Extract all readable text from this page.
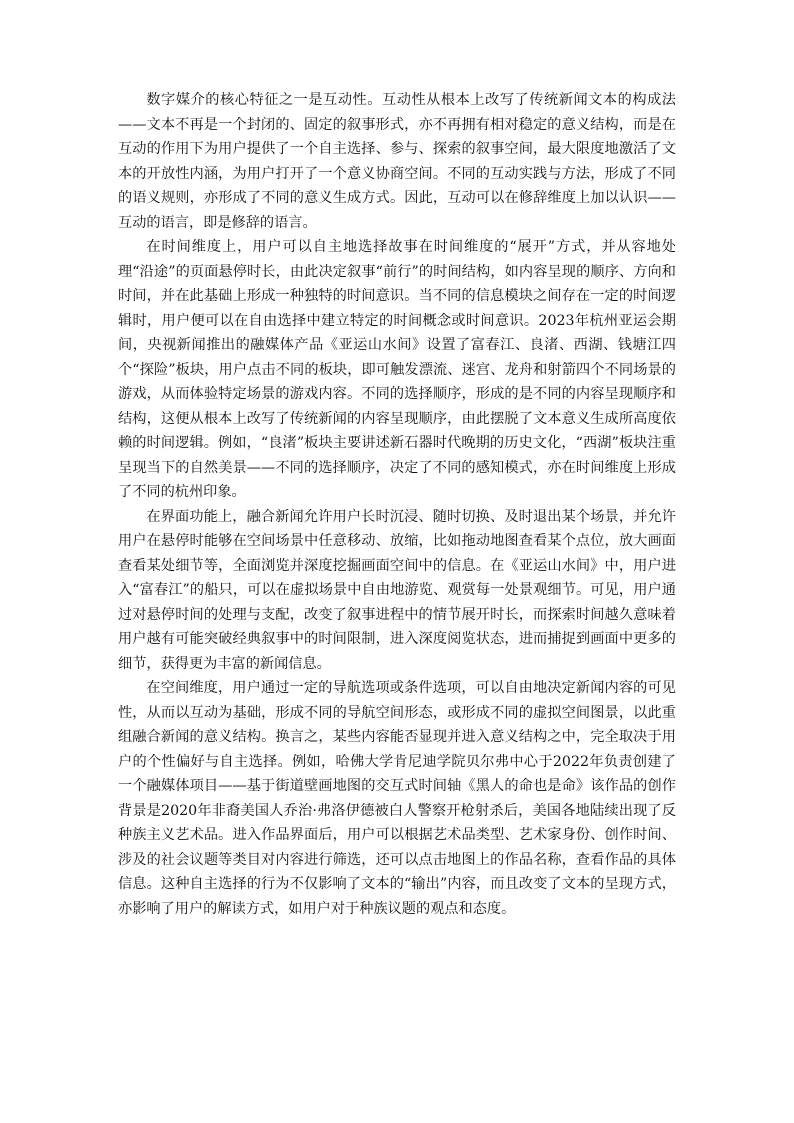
数字媒介的核心特征之一是互动性。互动性从根本上改写了传统新闻文本的构成法——文本不再是一个封闭的、固定的叙事形式，亦不再拥有相对稳定的意义结构，而是在互动的作用下为用户提供了一个自主选择、参与、探索的叙事空间，最大限度地激活了文本的开放性内涵，为用户打开了一个意义协商空间。不同的互动实践与方法，形成了不同的语义规则，亦形成了不同的意义生成方式。因此，互动可以在修辞维度上加以认识——互动的语言，即是修辞的语言。

在时间维度上，用户可以自主地选择故事在时间维度的“展开”方式，并从容地处理“沿途”的页面悬停时长，由此决定叙事“前行”的时间结构，如内容呈现的顺序、方向和时间，并在此基础上形成一种独特的时间意识。当不同的信息模块之间存在一定的时间逻辑时，用户便可以在自由选择中建立特定的时间概念或时间意识。2023年杭州亚运会期间，央视新闻推出的融媒体产品《亚运山水间》设置了富春江、良渚、西湖、钱塘江四个“探险”板块，用户点击不同的板块，即可触发漂流、迷宫、龙舟和射箭四个不同场景的游戏，从而体验特定场景的游戏内容。不同的选择顺序，形成的是不同的内容呈现顺序和结构，这便从根本上改写了传统新闻的内容呈现顺序，由此摆脱了文本意义生成所高度依赖的时间逻辑。例如，“良渚”板块主要讲述新石器时代晚期的历史文化，“西湖”板块注重呈现当下的自然美景——不同的选择顺序，决定了不同的感知模式，亦在时间维度上形成了不同的杭州印象。

在界面功能上，融合新闻允许用户长时沉浸、随时切换、及时退出某个场景，并允许用户在悬停时能够在空间场景中任意移动、放缩，比如拖动地图查看某个点位，放大画面查看某处细节等，全面浏览并深度挖掘画面空间中的信息。在《亚运山水间》中，用户进入“富春江”的船只，可以在虚拟场景中自由地游览、观赏每一处景观细节。可见，用户通过对悬停时间的处理与支配，改变了叙事进程中的情节展开时长，而探索时间越久意味着用户越有可能突破经典叙事中的时间限制，进入深度阅览状态，进而捕捉到画面中更多的细节，获得更为丰富的新闻信息。

在空间维度，用户通过一定的导航选项或条件选项，可以自由地决定新闻内容的可见性，从而以互动为基础，形成不同的导航空间形态，或形成不同的虚拟空间图景，以此重组融合新闻的意义结构。换言之，某些内容能否显现并进入意义结构之中，完全取决于用户的个性偏好与自主选择。例如，哈佛大学肯尼迪学院贝尔弗中心于2022年负责创建了一个融媒体项目——基于街道壁画地图的交互式时间轴《黑人的命也是命》该作品的创作背景是2020年非裔美国人乔治·弗洛伊德被白人警察开枪射杀后，美国各地陆续出现了反种族主义艺术品。进入作品界面后，用户可以根据艺术品类型、艺术家身份、创作时间、涉及的社会议题等类目对内容进行筛选，还可以点击地图上的作品名称，查看作品的具体信息。这种自主选择的行为不仅影响了文本的“输出”内容，而且改变了文本的呈现方式，亦影响了用户的解读方式，如用户对于种族议题的观点和态度。
